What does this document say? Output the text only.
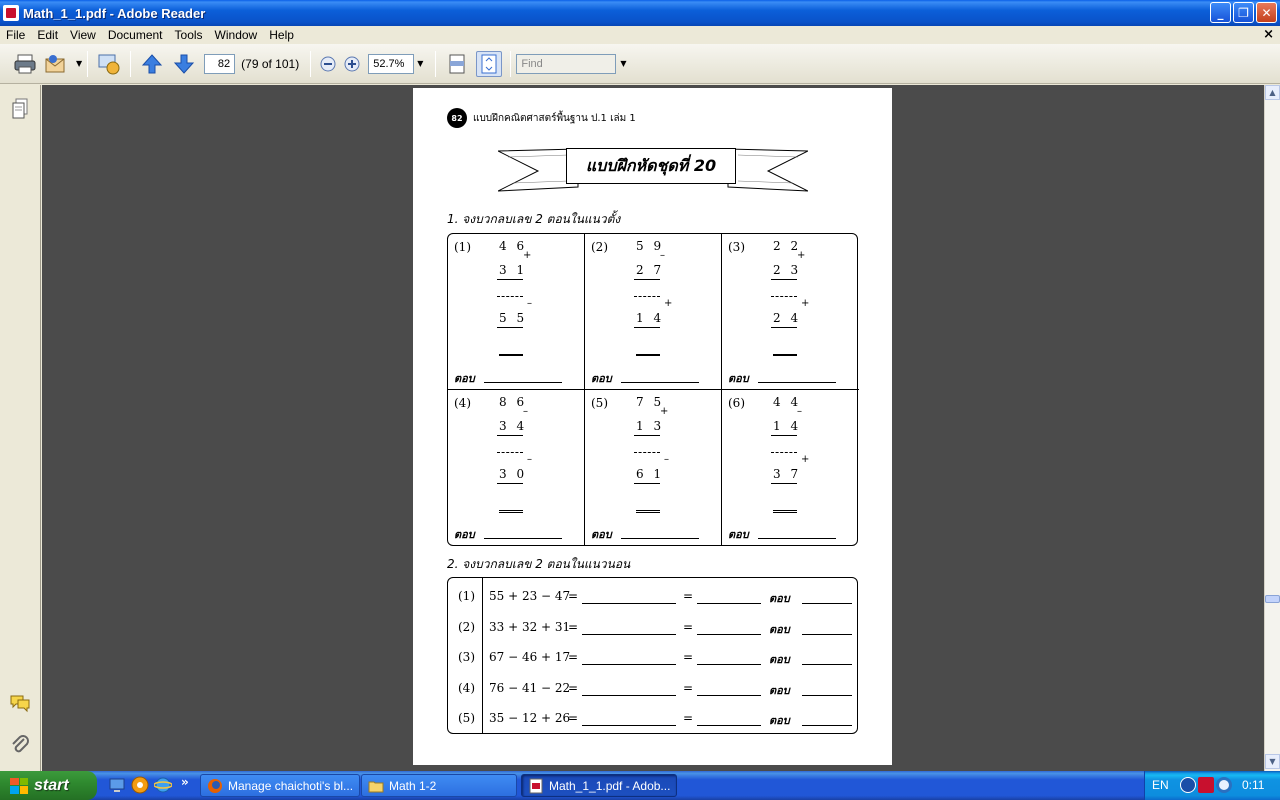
Math_1_1.pdf - Adobe Reader	_	❐	✕
File	Edit	View	Document	Tools	Window	Help	×
▼	82 (79 of 101)	52.7%	▼	Find	▼
82	แบบฝึกคณิตศาสตร์พื้นฐาน ป.1 เล่ม 1
แบบฝึกหัดชุดที่ 20
1. จงบวกลบเลข 2 ตอนในแนวตั้ง
(1) 4 6
+
3 1
–
5 5
ตอบ
(2) 5 9
–
2 7
+
1 4
ตอบ
(3) 2 2
+
2 3
+
2 4
ตอบ
(4) 8 6
–
3 4
–
3 0
ตอบ
(5) 7 5
+
1 3
–
6 1
ตอบ
(6) 4 4
–
1 4
+
3 7
ตอบ
2. จงบวกลบเลข 2 ตอนในแนวนอน
(1) 55 + 23 − 47
=	=	ตอบ
(2) 33 + 32 + 31
=	=	ตอบ
(3) 67 − 46 + 17
=	=	ตอบ
(4) 76 − 41 − 22
=	=	ตอบ
(5) 35 − 12 + 26
=	=	ตอบ
▲
▼
start	»	Manage chaichoti's bl...	Math 1-2	Math_1_1.pdf - Adob...	EN	0:11
